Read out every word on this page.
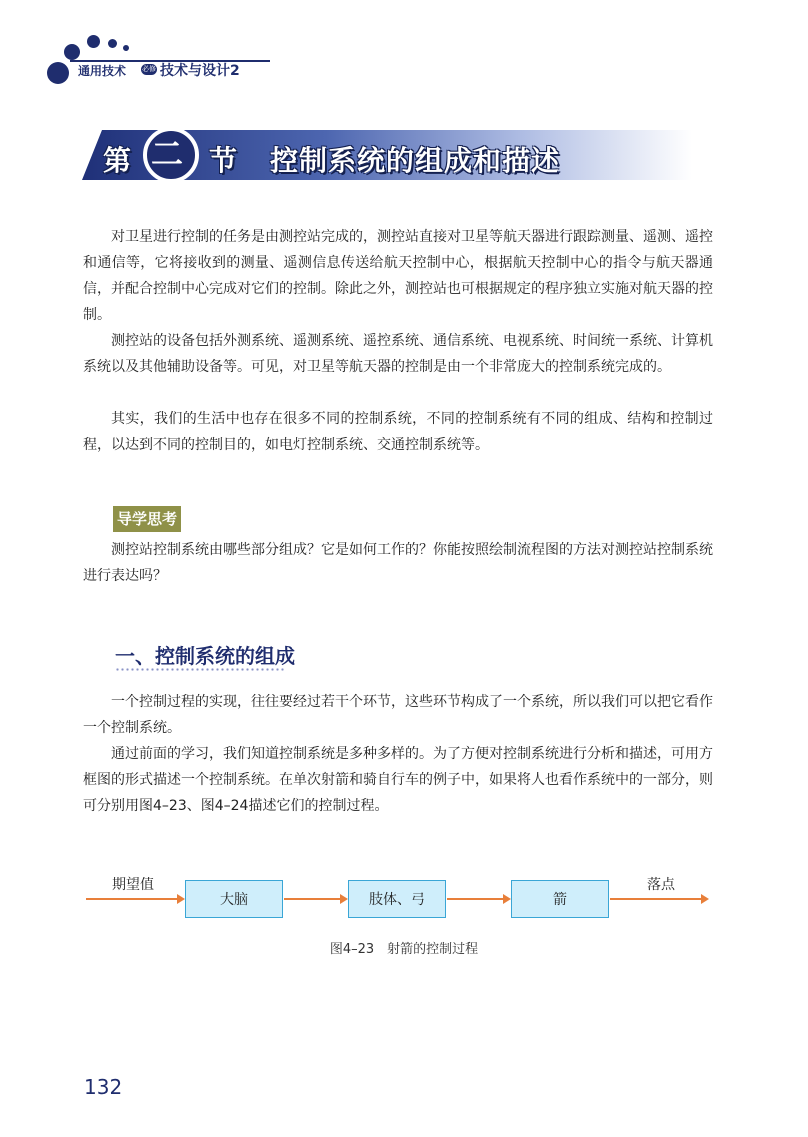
通用技术 必修 技术与设计2
第 二 节 控制系统的组成和描述

对卫星进行控制的任务是由测控站完成的，测控站直接对卫星等航天器进行跟踪测量、遥测、遥控和通信等，它将接收到的测量、遥测信息传送给航天控制中心，根据航天控制中心的指令与航天器通信，并配合控制中心完成对它们的控制。除此之外，测控站也可根据规定的程序独立实施对航天器的控制。

测控站的设备包括外测系统、遥测系统、遥控系统、通信系统、电视系统、时间统一系统、计算机系统以及其他辅助设备等。可见，对卫星等航天器的控制是由一个非常庞大的控制系统完成的。

其实，我们的生活中也存在很多不同的控制系统，不同的控制系统有不同的组成、结构和控制过程，以达到不同的控制目的，如电灯控制系统、交通控制系统等。

导学思考

测控站控制系统由哪些部分组成？它是如何工作的？你能按照绘制流程图的方法对测控站控制系统进行表达吗？

一、控制系统的组成

一个控制过程的实现，往往要经过若干个环节，这些环节构成了一个系统，所以我们可以把它看作一个控制系统。

通过前面的学习，我们知道控制系统是多种多样的。为了方便对控制系统进行分析和描述，可用方框图的形式描述一个控制系统。在单次射箭和骑自行车的例子中，如果将人也看作系统中的一部分，则可分别用图4–23、图4–24描述它们的控制过程。

期望值
大脑	肢体、弓	箭
落点
图4–23　射箭的控制过程
132
